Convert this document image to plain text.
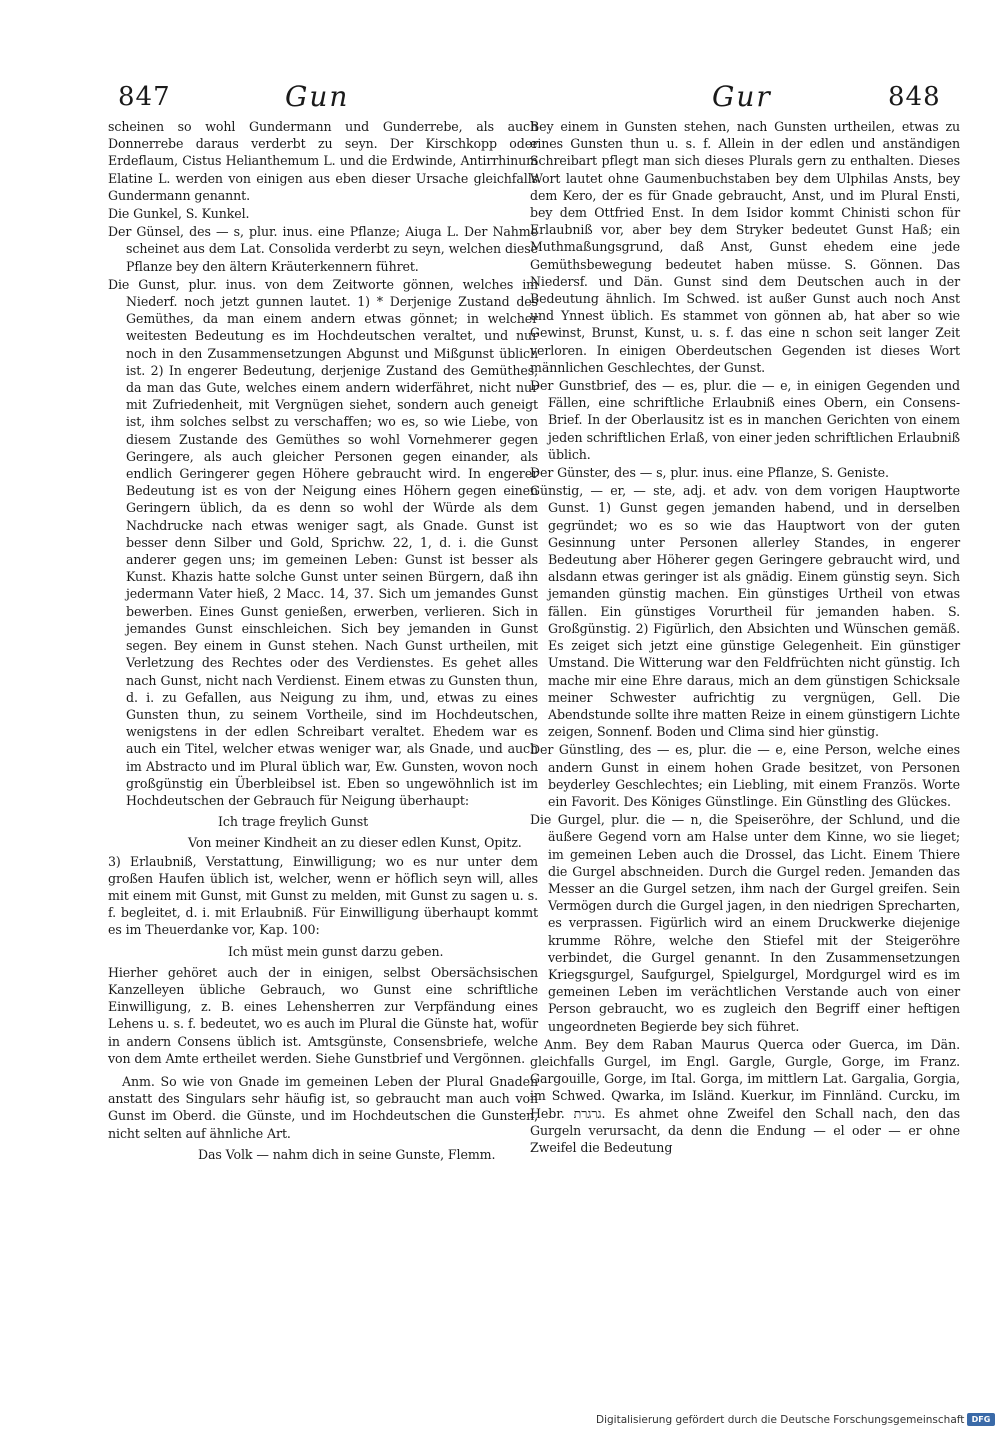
847	Gun	Gur	848

scheinen so wohl Gundermann und Gunderrebe, als auch Donnerrebe daraus verderbt zu seyn. Der Kirschkopp oder Erdeflaum, Cistus Helianthemum L. und die Erdwinde, Antirrhinum Elatine L. werden von einigen aus eben dieser Ursache gleichfalls Gundermann genannt.

Die Gunkel, S. Kunkel.

Der Günsel, des — s, plur. inus. eine Pflanze; Aiuga L. Der Nahme scheinet aus dem Lat. Consolida verderbt zu seyn, welchen diese Pflanze bey den ältern Kräuterkennern führet.

Die Gunst, plur. inus. von dem Zeitworte gönnen, welches im Niederf. noch jetzt gunnen lautet. 1) * Derjenige Zustand des Gemüthes, da man einem andern etwas gönnet; in welcher weitesten Bedeutung es im Hochdeutschen veraltet, und nur noch in den Zusammensetzungen Abgunst und Mißgunst üblich ist. 2) In engerer Bedeutung, derjenige Zustand des Gemüthes, da man das Gute, welches einem andern widerfähret, nicht nur mit Zufriedenheit, mit Vergnügen siehet, sondern auch geneigt ist, ihm solches selbst zu verschaffen; wo es, so wie Liebe, von diesem Zustande des Gemüthes so wohl Vornehmerer gegen Geringere, als auch gleicher Personen gegen einander, als endlich Geringerer gegen Höhere gebraucht wird. In engerer Bedeutung ist es von der Neigung eines Höhern gegen einen Geringern üblich, da es denn so wohl der Würde als dem Nachdrucke nach etwas weniger sagt, als Gnade. Gunst ist besser denn Silber und Gold, Sprichw. 22, 1, d. i. die Gunst anderer gegen uns; im gemeinen Leben: Gunst ist besser als Kunst. Khazis hatte solche Gunst unter seinen Bürgern, daß ihn jedermann Vater hieß, 2 Macc. 14, 37. Sich um jemandes Gunst bewerben. Eines Gunst genießen, erwerben, verlieren. Sich in jemandes Gunst einschleichen. Sich bey jemanden in Gunst segen. Bey einem in Gunst stehen. Nach Gunst urtheilen, mit Verletzung des Rechtes oder des Verdienstes. Es gehet alles nach Gunst, nicht nach Verdienst. Einem etwas zu Gunsten thun, d. i. zu Gefallen, aus Neigung zu ihm, und, etwas zu eines Gunsten thun, zu seinem Vortheile, sind im Hochdeutschen, wenigstens in der edlen Schreibart veraltet. Ehedem war es auch ein Titel, welcher etwas weniger war, als Gnade, und auch im Abstracto und im Plural üblich war, Ew. Gunsten, wovon noch großgünstig ein Überbleibsel ist. Eben so ungewöhnlich ist im Hochdeutschen der Gebrauch für Neigung überhaupt:

Ich trage freylich Gunst

Von meiner Kindheit an zu dieser edlen Kunst, Opitz.

3) Erlaubniß, Verstattung, Einwilligung; wo es nur unter dem großen Haufen üblich ist, welcher, wenn er höflich seyn will, alles mit einem mit Gunst, mit Gunst zu melden, mit Gunst zu sagen u. s. f. begleitet, d. i. mit Erlaubniß. Für Einwilligung überhaupt kommt es im Theuerdanke vor, Kap. 100:

Ich müst mein gunst darzu geben.

Hierher gehöret auch der in einigen, selbst Obersächsischen Kanzelleyen übliche Gebrauch, wo Gunst eine schriftliche Einwilligung, z. B. eines Lehensherren zur Verpfändung eines Lehens u. s. f. bedeutet, wo es auch im Plural die Günste hat, wofür in andern Consens üblich ist. Amtsgünste, Consensbriefe, welche von dem Amte ertheilet werden. Siehe Gunstbrief und Vergönnen.

Anm. So wie von Gnade im gemeinen Leben der Plural Gnaden anstatt des Singulars sehr häufig ist, so gebraucht man auch von Gunst im Oberd. die Günste, und im Hochdeutschen die Gunsten, nicht selten auf ähnliche Art.

Das Volk — nahm dich in seine Gunste, Flemm.

Bey einem in Gunsten stehen, nach Gunsten urtheilen, etwas zu eines Gunsten thun u. s. f. Allein in der edlen und anständigen Schreibart pflegt man sich dieses Plurals gern zu enthalten. Dieses Wort lautet ohne Gaumenbuchstaben bey dem Ulphilas Ansts, bey dem Kero, der es für Gnade gebraucht, Anst, und im Plural Ensti, bey dem Ottfried Enst. In dem Isidor kommt Chinisti schon für Erlaubniß vor, aber bey dem Stryker bedeutet Gunst Haß; ein Muthmaßungsgrund, daß Anst, Gunst ehedem eine jede Gemüthsbewegung bedeutet haben müsse. S. Gönnen. Das Niedersf. und Dän. Gunst sind dem Deutschen auch in der Bedeutung ähnlich. Im Schwed. ist außer Gunst auch noch Anst und Ynnest üblich. Es stammet von gönnen ab, hat aber so wie Gewinst, Brunst, Kunst, u. s. f. das eine n schon seit langer Zeit verloren. In einigen Oberdeutschen Gegenden ist dieses Wort männlichen Geschlechtes, der Gunst.

Der Gunstbrief, des — es, plur. die — e, in einigen Gegenden und Fällen, eine schriftliche Erlaubniß eines Obern, ein Consens-Brief. In der Oberlausitz ist es in manchen Gerichten von einem jeden schriftlichen Erlaß, von einer jeden schriftlichen Erlaubniß üblich.

Der Günster, des — s, plur. inus. eine Pflanze, S. Geniste.

Günstig, — er, — ste, adj. et adv. von dem vorigen Hauptworte Gunst. 1) Gunst gegen jemanden habend, und in derselben gegründet; wo es so wie das Hauptwort von der guten Gesinnung unter Personen allerley Standes, in engerer Bedeutung aber Höherer gegen Geringere gebraucht wird, und alsdann etwas geringer ist als gnädig. Einem günstig seyn. Sich jemanden günstig machen. Ein günstiges Urtheil von etwas fällen. Ein günstiges Vorurtheil für jemanden haben. S. Großgünstig. 2) Figürlich, den Absichten und Wünschen gemäß. Es zeiget sich jetzt eine günstige Gelegenheit. Ein günstiger Umstand. Die Witterung war den Feldfrüchten nicht günstig. Ich mache mir eine Ehre daraus, mich an dem günstigen Schicksale meiner Schwester aufrichtig zu vergnügen, Gell. Die Abendstunde sollte ihre matten Reize in einem günstigern Lichte zeigen, Sonnenf. Boden und Clima sind hier günstig.

Der Günstling, des — es, plur. die — e, eine Person, welche eines andern Gunst in einem hohen Grade besitzet, von Personen beyderley Geschlechtes; ein Liebling, mit einem Französ. Worte ein Favorit. Des Königes Günstlinge. Ein Günstling des Glückes.

Die Gurgel, plur. die — n, die Speiseröhre, der Schlund, und die äußere Gegend vorn am Halse unter dem Kinne, wo sie lieget; im gemeinen Leben auch die Drossel, das Licht. Einem Thiere die Gurgel abschneiden. Durch die Gurgel reden. Jemanden das Messer an die Gurgel setzen, ihm nach der Gurgel greifen. Sein Vermögen durch die Gurgel jagen, in den niedrigen Sprecharten, es verprassen. Figürlich wird an einem Druckwerke diejenige krumme Röhre, welche den Stiefel mit der Steigeröhre verbindet, die Gurgel genannt. In den Zusammensetzungen Kriegsgurgel, Saufgurgel, Spielgurgel, Mordgurgel wird es im gemeinen Leben im verächtlichen Verstande auch von einer Person gebraucht, wo es zugleich den Begriff einer heftigen ungeordneten Begierde bey sich führet.

Anm. Bey dem Raban Maurus Querca oder Guerca, im Dän. gleichfalls Gurgel, im Engl. Gargle, Gurgle, Gorge, im Franz. Gargouille, Gorge, im Ital. Gorga, im mittlern Lat. Gargalia, Gorgia, im Schwed. Qwarka, im Isländ. Kuerkur, im Finnländ. Curcku, im Hebr. גרגרת. Es ahmet ohne Zweifel den Schall nach, den das Gurgeln verursacht, da denn die Endung — el oder — er ohne Zweifel die Bedeutung

Digitalisierung gefördert durch die Deutsche Forschungsgemeinschaft DFG
